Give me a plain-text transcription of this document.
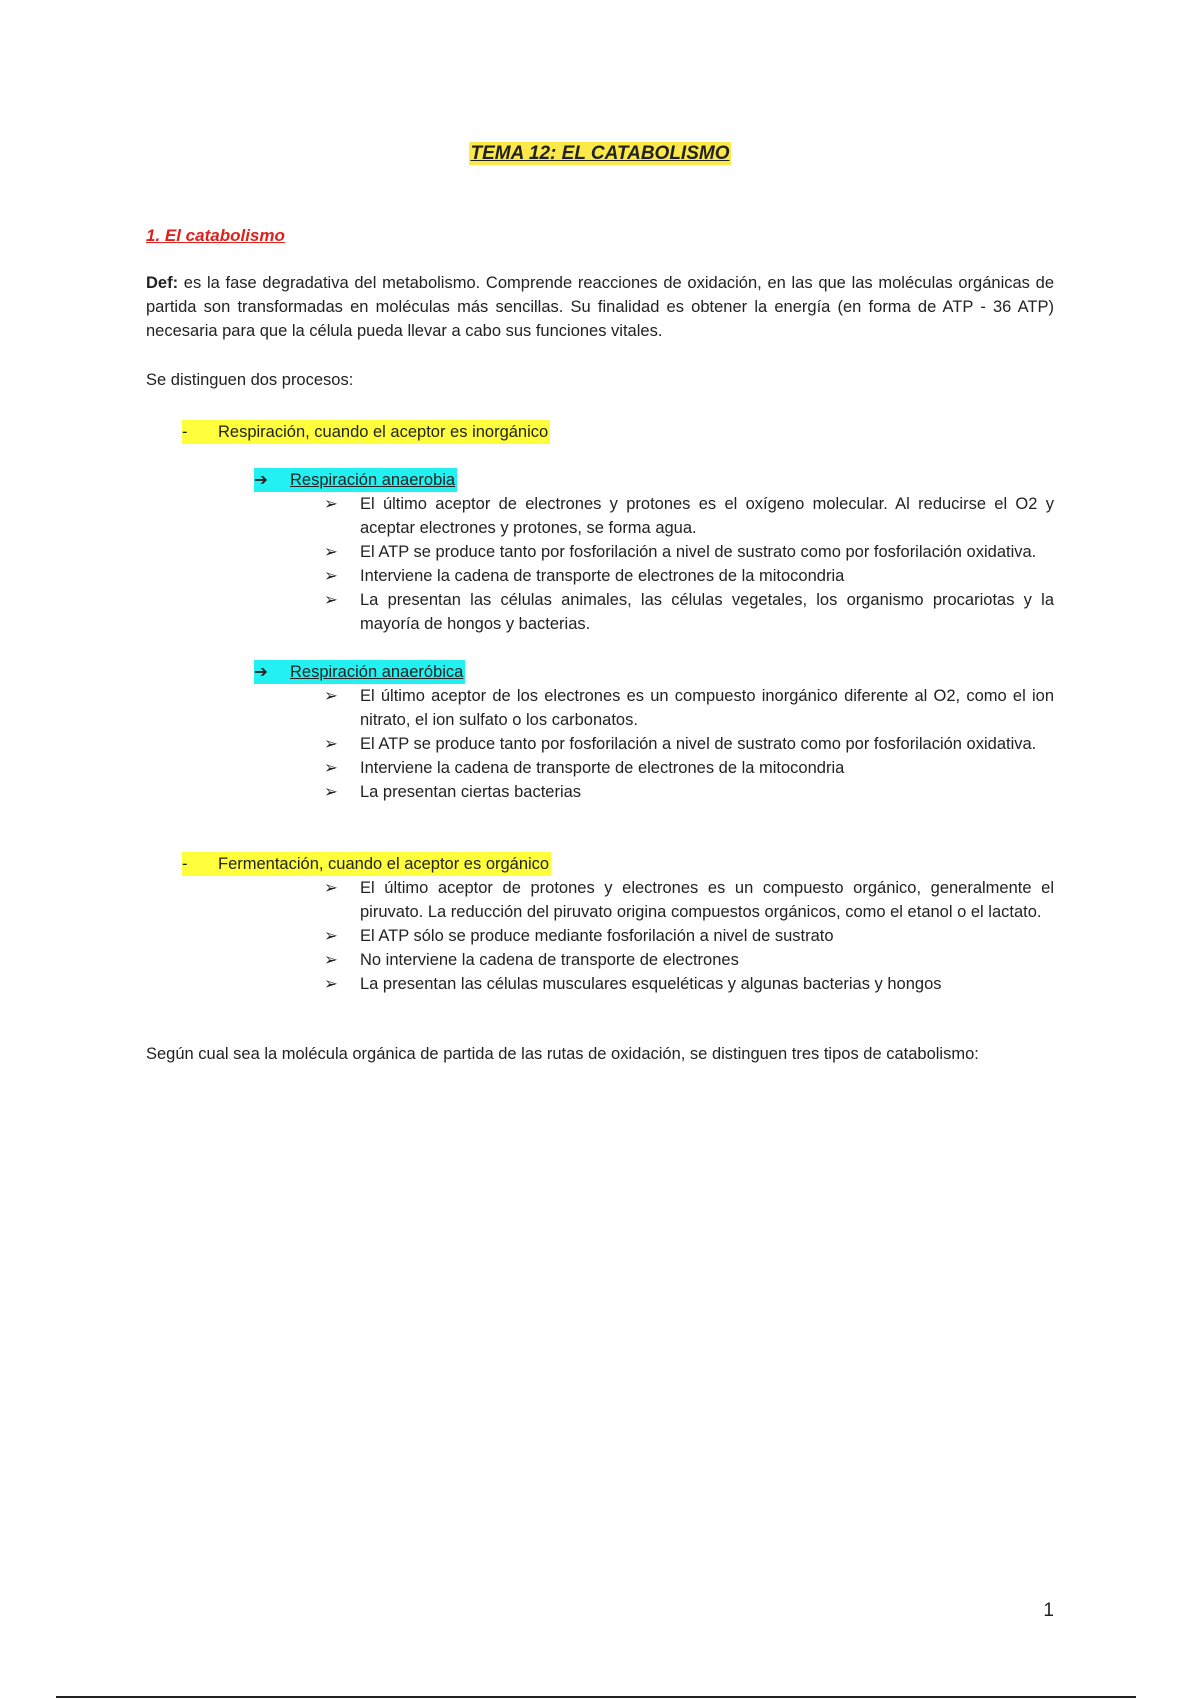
TEMA 12: EL CATABOLISMO
1. El catabolismo

Def: es la fase degradativa del metabolismo. Comprende reacciones de oxidación, en las que las moléculas orgánicas de partida son transformadas en moléculas más sencillas. Su finalidad es obtener la energía (en forma de ATP - 36 ATP) necesaria para que la célula pueda llevar a cabo sus funciones vitales.

Se distinguen dos procesos:

- Respiración, cuando el aceptor es inorgánico
➔ Respiración anaerobia
➢ El último aceptor de electrones y protones es el oxígeno molecular. Al reducirse el O2 y aceptar electrones y protones, se forma agua.
➢ El ATP se produce tanto por fosforilación a nivel de sustrato como por fosforilación oxidativa.
➢ Interviene la cadena de transporte de electrones de la mitocondria
➢ La presentan las células animales, las células vegetales, los organismo procariotas y la mayoría de hongos y bacterias.
➔ Respiración anaeróbica
➢ El último aceptor de los electrones es un compuesto inorgánico diferente al O2, como el ion nitrato, el ion sulfato o los carbonatos.
➢ El ATP se produce tanto por fosforilación a nivel de sustrato como por fosforilación oxidativa.
➢ Interviene la cadena de transporte de electrones de la mitocondria
➢ La presentan ciertas bacterias
- Fermentación, cuando el aceptor es orgánico
➢ El último aceptor de protones y electrones es un compuesto orgánico, generalmente el piruvato. La reducción del piruvato origina compuestos orgánicos, como el etanol o el lactato.
➢ El ATP sólo se produce mediante fosforilación a nivel de sustrato
➢ No interviene la cadena de transporte de electrones
➢ La presentan las células musculares esqueléticas y algunas bacterias y hongos

Según cual sea la molécula orgánica de partida de las rutas de oxidación, se distinguen tres tipos de catabolismo:

1
